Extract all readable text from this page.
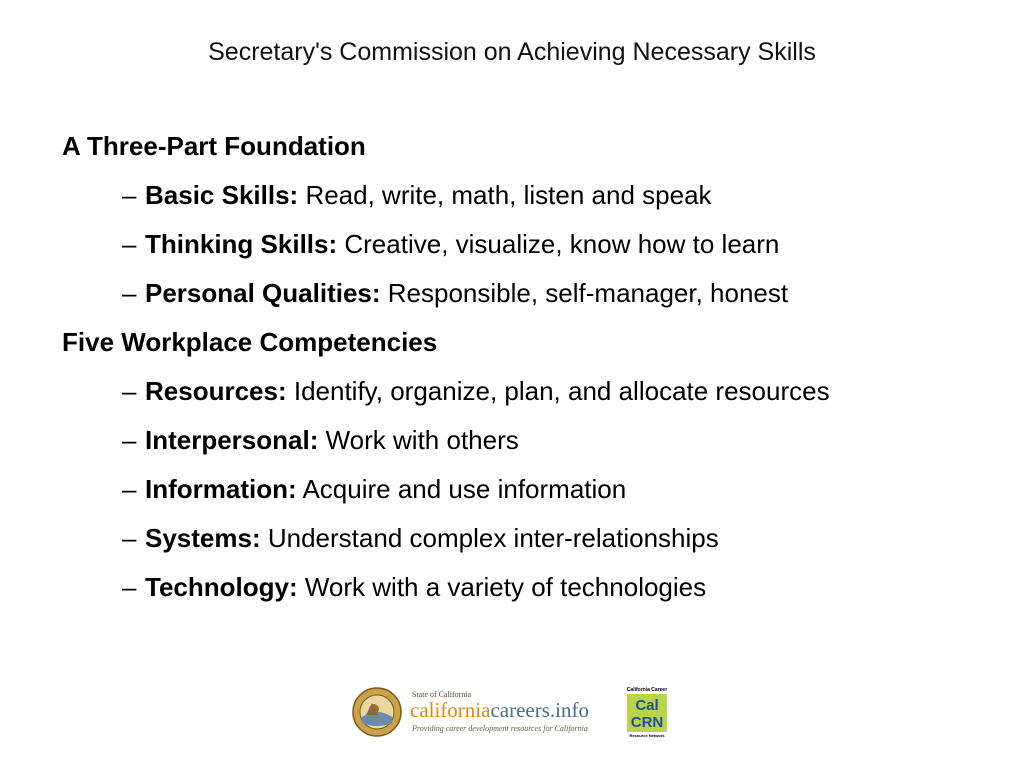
Secretary's Commission on Achieving Necessary Skills
A Three-Part Foundation
– Basic Skills: Read, write, math, listen and speak
– Thinking Skills: Creative, visualize, know how to learn
– Personal Qualities: Responsible, self-manager, honest
Five Workplace Competencies
– Resources: Identify, organize, plan, and allocate resources
– Interpersonal: Work with others
– Information: Acquire and use information
– Systems: Understand complex inter-relationships
– Technology: Work with a variety of technologies
State of California
californiacareers.info
Providing career development resources for California
California Career
Cal
CRN
Resource Network
